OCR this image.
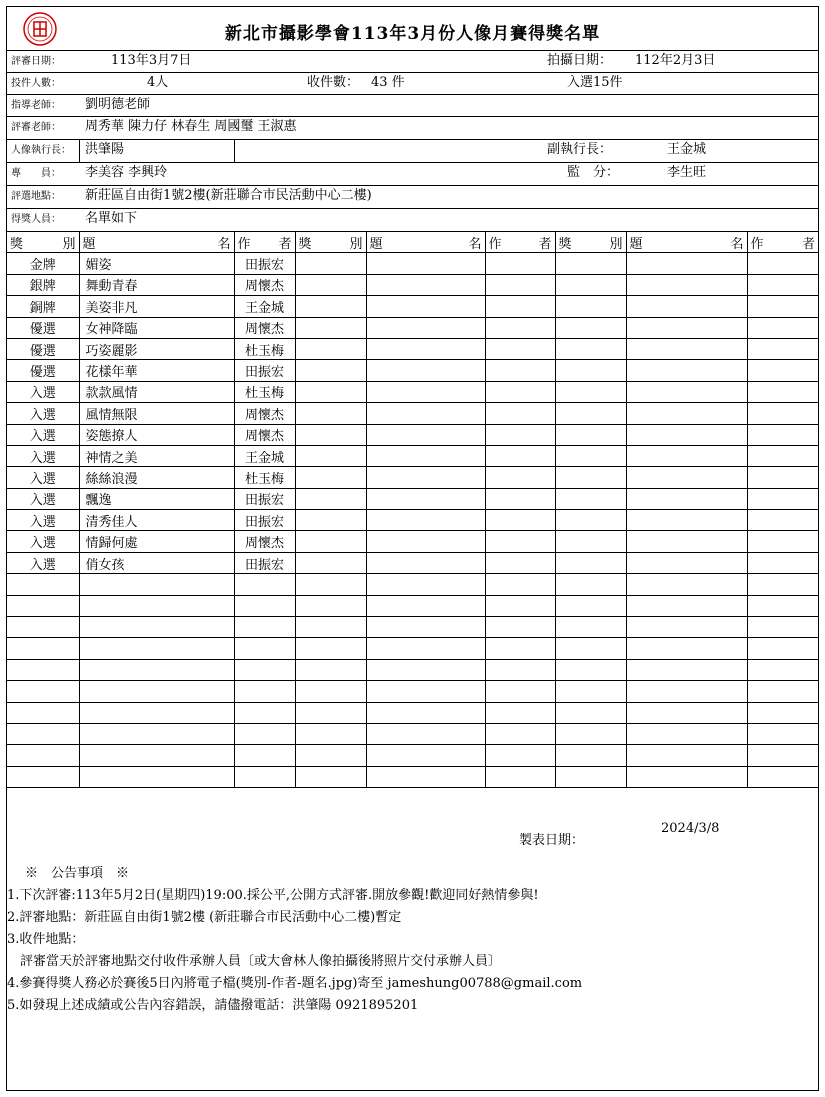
新北市攝影學會113年3月份人像月賽得獎名單
評審日期：	113年3月7日	拍攝日期： 112年2月3日
投件人數：	4人	收件數： 43 件	入選15件
指導老師： 劉明德老師
評審老師： 周秀華 陳力仔 林春生 周國璽 王淑惠
人像執行長： 洪肇陽	副執行長：	王金城
專　　員： 李美容 李興玲	監　分：	李生旺
評選地點： 新莊區自由街1號2樓(新莊聯合市民活動中心二樓)
得獎人員： 名單如下
獎 別	題 名	作 者	獎 別	題 名	作 者	獎 別	題 名	作 者

金牌	媚姿	田振宏						
銀牌	舞動青春	周懷杰						
銅牌	美姿非凡	王金城						
優選	女神降臨	周懷杰						
優選	巧姿麗影	杜玉梅						
優選	花樣年華	田振宏						
入選	款款風情	杜玉梅						
入選	風情無限	周懷杰						
入選	姿態撩人	周懷杰						
入選	神情之美	王金城						
入選	絲絲浪漫	杜玉梅						
入選	飄逸	田振宏						
入選	清秀佳人	田振宏						
入選	情歸何處	周懷杰						
入選	俏女孩	田振宏						

製表日期：
2024/3/8
※　公告事項　※
1.下次評審:113年5月2日(星期四)19:00.採公平,公開方式評審.開放參觀!歡迎同好熱情參與!
2.評審地點：新莊區自由街1號2樓 (新莊聯合市民活動中心二樓)暫定
3.收件地點：
　評審當天於評審地點交付收件承辦人員〔或大會林人像拍攝後將照片交付承辦人員〕
4.參賽得獎人務必於賽後5日內將電子檔(獎別-作者-題名.jpg)寄至 jameshung00788@gmail.com
5.如發現上述成績或公告內容錯誤，請儘撥電話：洪肇陽 0921895201
